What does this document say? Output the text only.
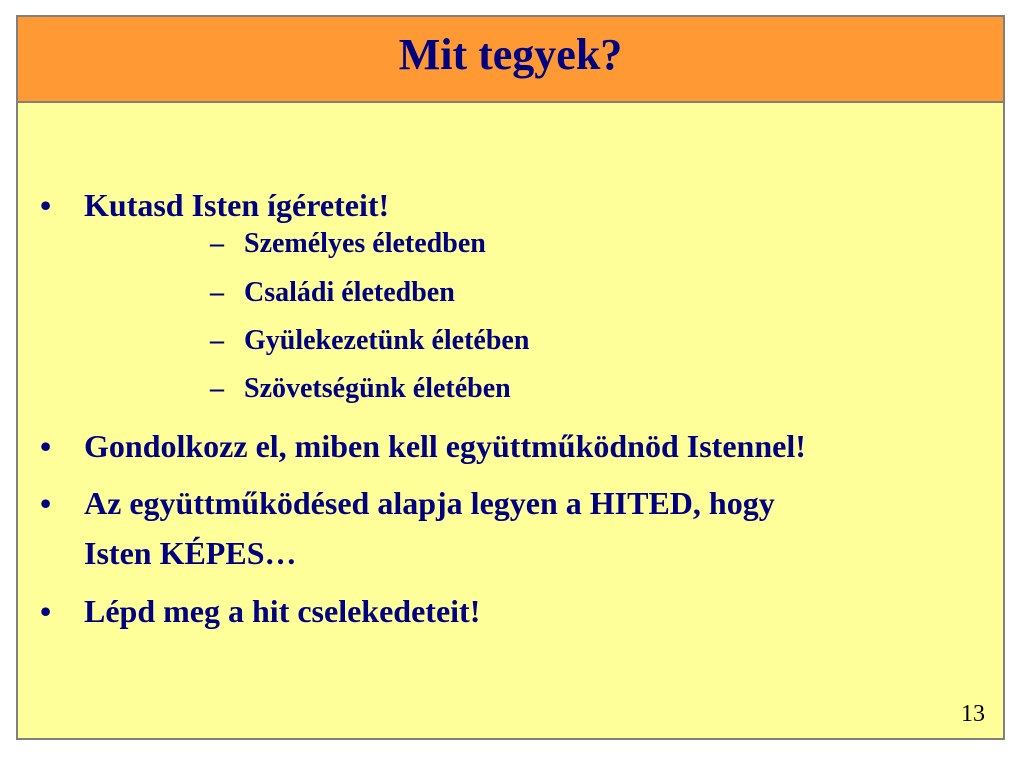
Mit tegyek?
• Kutasd Isten ígéreteit!
– Személyes életedben
– Családi életedben
– Gyülekezetünk életében
– Szövetségünk életében
• Gondolkozz el, miben kell együttműködnöd Istennel!
• Az együttműködésed alapja legyen a HITED, hogy
Isten KÉPES…
• Lépd meg a hit cselekedeteit!
13
